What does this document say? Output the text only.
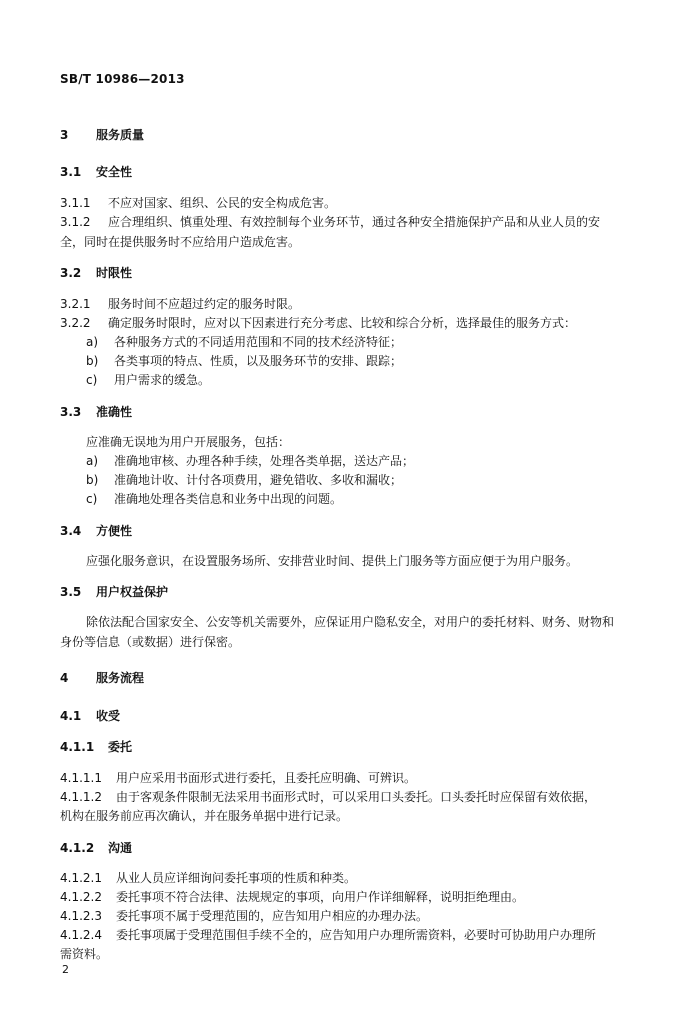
SB/T 10986—2013
3 服务质量
3.1 安全性
3.1.1 不应对国家、组织、公民的安全构成危害。
3.1.2 应合理组织、慎重处理、有效控制每个业务环节，通过各种安全措施保护产品和从业人员的安
全，同时在提供服务时不应给用户造成危害。
3.2 时限性
3.2.1 服务时间不应超过约定的服务时限。
3.2.2 确定服务时限时，应对以下因素进行充分考虑、比较和综合分析，选择最佳的服务方式：
a) 各种服务方式的不同适用范围和不同的技术经济特征；
b) 各类事项的特点、性质，以及服务环节的安排、跟踪；
c) 用户需求的缓急。
3.3 准确性
应准确无误地为用户开展服务，包括：
a) 准确地审核、办理各种手续，处理各类单据，送达产品；
b) 准确地计收、计付各项费用，避免错收、多收和漏收；
c) 准确地处理各类信息和业务中出现的问题。
3.4 方便性
应强化服务意识，在设置服务场所、安排营业时间、提供上门服务等方面应便于为用户服务。
3.5 用户权益保护
除依法配合国家安全、公安等机关需要外，应保证用户隐私安全，对用户的委托材料、财务、财物和
身份等信息（或数据）进行保密。
4 服务流程
4.1 收受
4.1.1 委托
4.1.1.1 用户应采用书面形式进行委托，且委托应明确、可辨识。
4.1.1.2 由于客观条件限制无法采用书面形式时，可以采用口头委托。口头委托时应保留有效依据，
机构在服务前应再次确认，并在服务单据中进行记录。
4.1.2 沟通
4.1.2.1 从业人员应详细询问委托事项的性质和种类。
4.1.2.2 委托事项不符合法律、法规规定的事项，向用户作详细解释，说明拒绝理由。
4.1.2.3 委托事项不属于受理范围的，应告知用户相应的办理办法。
4.1.2.4 委托事项属于受理范围但手续不全的，应告知用户办理所需资料，必要时可协助用户办理所
需资料。
2
